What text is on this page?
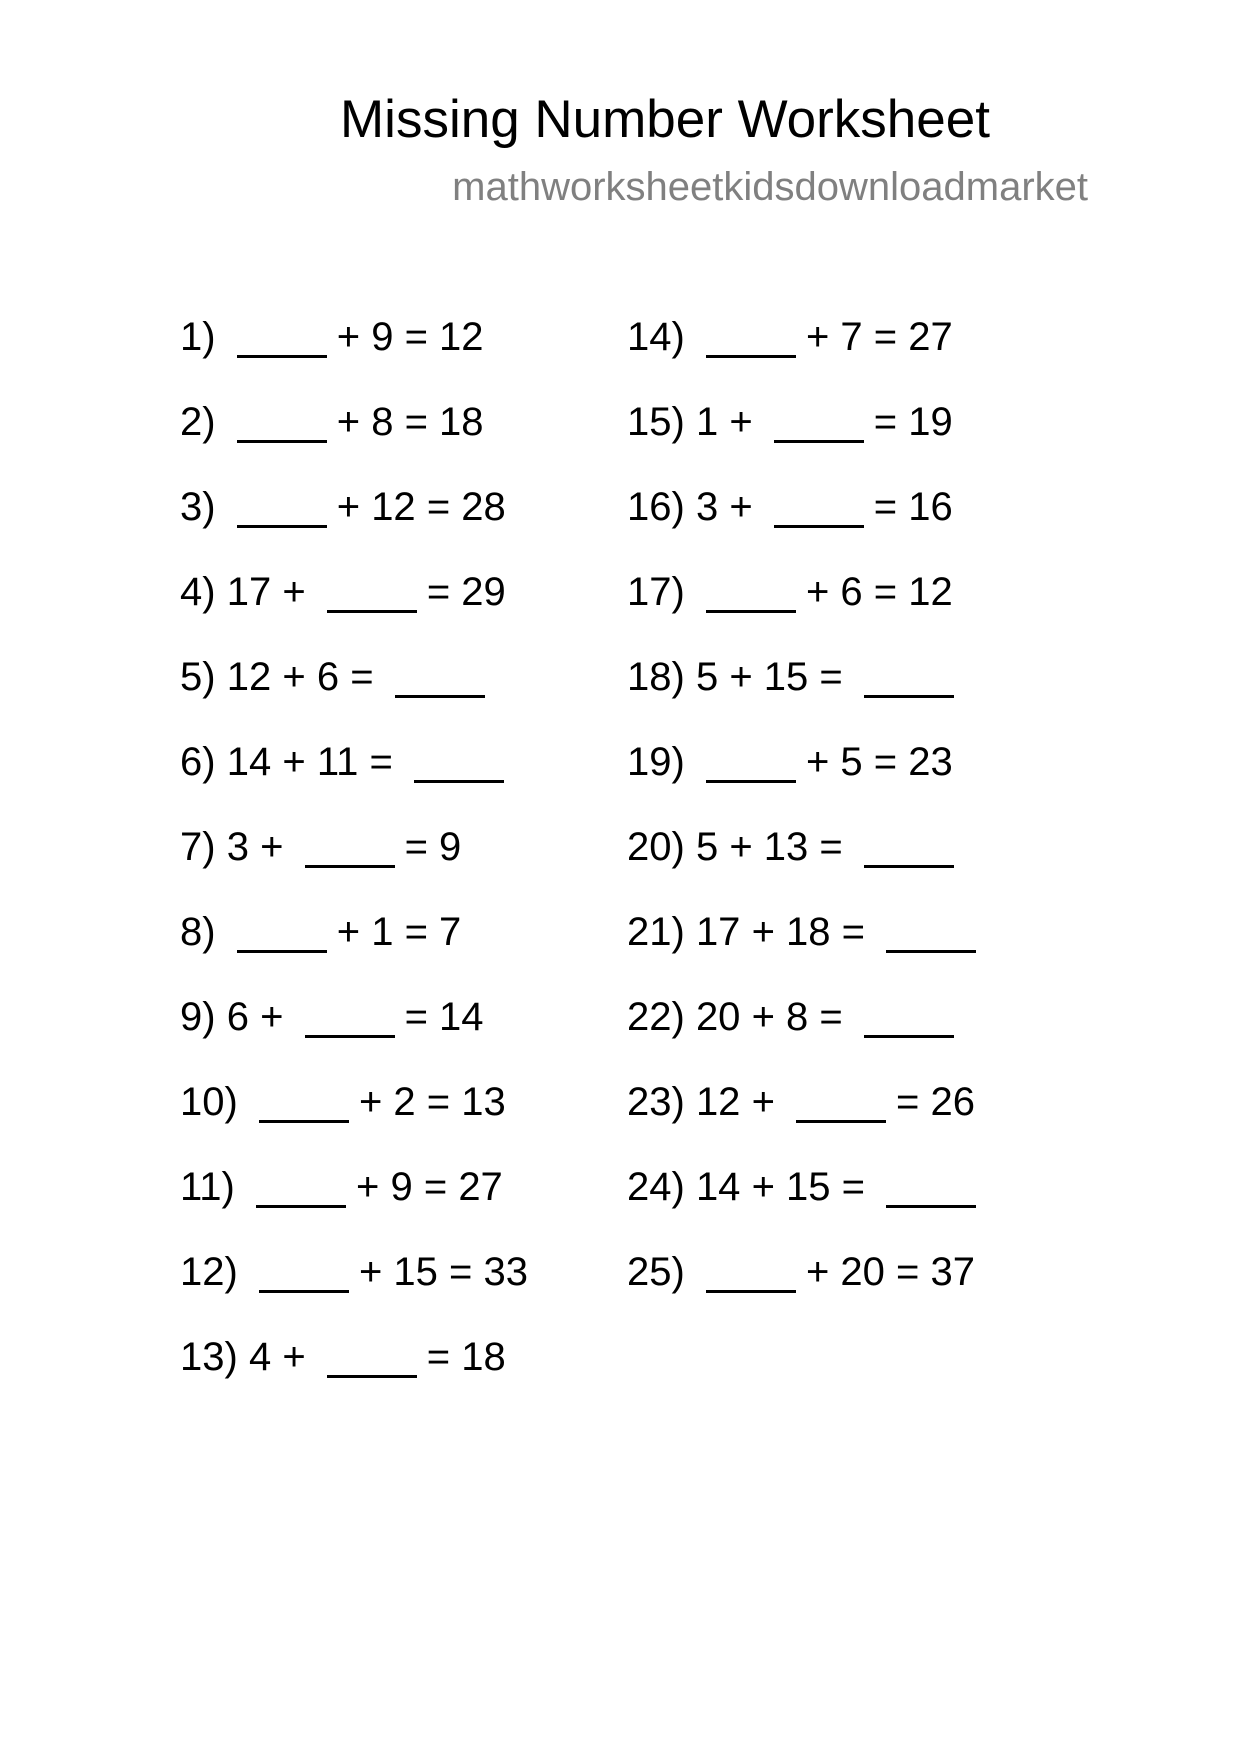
Missing Number Worksheet
mathworksheetkidsdownloadmarket
1)	+ 9 = 12
2)	+ 8 = 18
3)	+ 12 = 28
4) 17 +	= 29
5) 12 + 6 =
6) 14 + 11 =
7) 3 +	= 9
8)	+ 1 = 7
9) 6 +	= 14
10)	+ 2 = 13
11)	+ 9 = 27
12)	+ 15 = 33
13) 4 +	= 18
14)	+ 7 = 27
15) 1 +	= 19
16) 3 +	= 16
17)	+ 6 = 12
18) 5 + 15 =
19)	+ 5 = 23
20) 5 + 13 =
21) 17 + 18 =
22) 20 + 8 =
23) 12 +	= 26
24) 14 + 15 =
25)	+ 20 = 37
